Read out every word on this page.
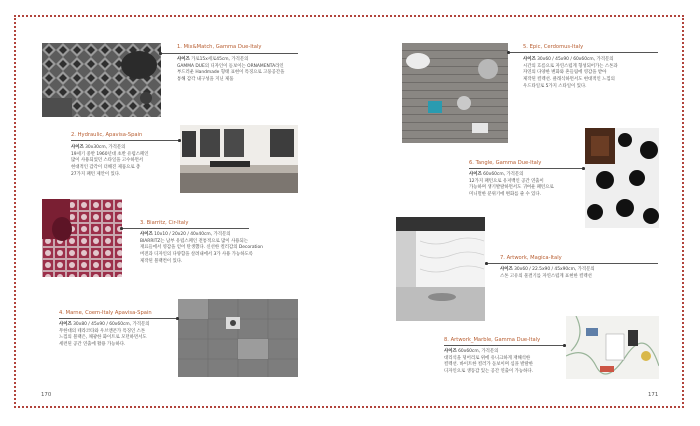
1. Mix&Match, Gamma Due-Italy
사이즈 가로15x세로45cm, 가격문의
GAMMA DUE의 디자인이 돋보이는 ORNAMENTA라인
부드러운 Handmade 형태 표현이 특징으로 고풍공간을
통해 감각 내구성을 지닌 제품
2. Hydraulic, Apavisa-Spain
사이즈 30x30cm, 가격문의
19세기 중반 1960년대 초반 유럽스페인
많이 사용되었던 스타일을 고수하면서
현대적인 감각이 더해진 제품으로 총
27가지 패턴 제안이 있다.
3. Biarritz, Cir-Italy
사이즈 10x10 / 20x20 / 40x40cm, 가격문의
BIARRITZ는 남부 유럽스페인 전통적으로 많이 사용되는
재료들에서 영감을 얻어 탄생했다. 신선한 컬러감의 Decoration
버전과 디자인의 다양함을 살려내에서 3가 사용 가능하도록
제작된 블랙컨이 있다.
4. Marne, Coem-Italy Apavisa-Spain
사이즈 30x80 / 45x90 / 60x60cm, 가격문의
무한대의 테라코타와 우브앤폰가 특징인 스톤
느낌의 블랙은, 채광한 화이트로 모던하면서도
세련된 공간 연출에 활용 가능하다.
5. Epic, Cerdomus-Italy
사이즈 30x60 / 45x90 / 60x60cm, 가격문의
시간의 흐름으로 자연스럽게 형성되어가는 스톤과
자연의 다양한 변화와 흔들림에 영감을 받아
제작된 컬렉션. 클래식하면서도 현대적인 느낌의
우드타일로 5가지 스타일이 있다.
6. Tangle, Gamma Due-Italy
사이즈 60x60cm, 가격문의
12가지 패턴으로 유저백인 공간 연출이
가능하며 생기발랄하면서도 귀여운 패턴으로
미니멀한 분위기에 변화를 줄 수 있다.
7. Artwork, Magica-Italy
사이즈 30x60 / 22.5x90 / 45x90cm, 가격문의
스톤 고유의 물결기를 자연스럽게 표현한 컬렉션
8. Artwork_Marble, Gamma Due-Italy
사이즈 60x60cm, 가격문의
대리석을 덩어리로 위에 유니크하게 재해석한
컬렉션. 바이트한 컬러가 돋보이며 심플 발랄한
디자인으로 생동감 있는 공간 연출이 가능하다.
170	171
